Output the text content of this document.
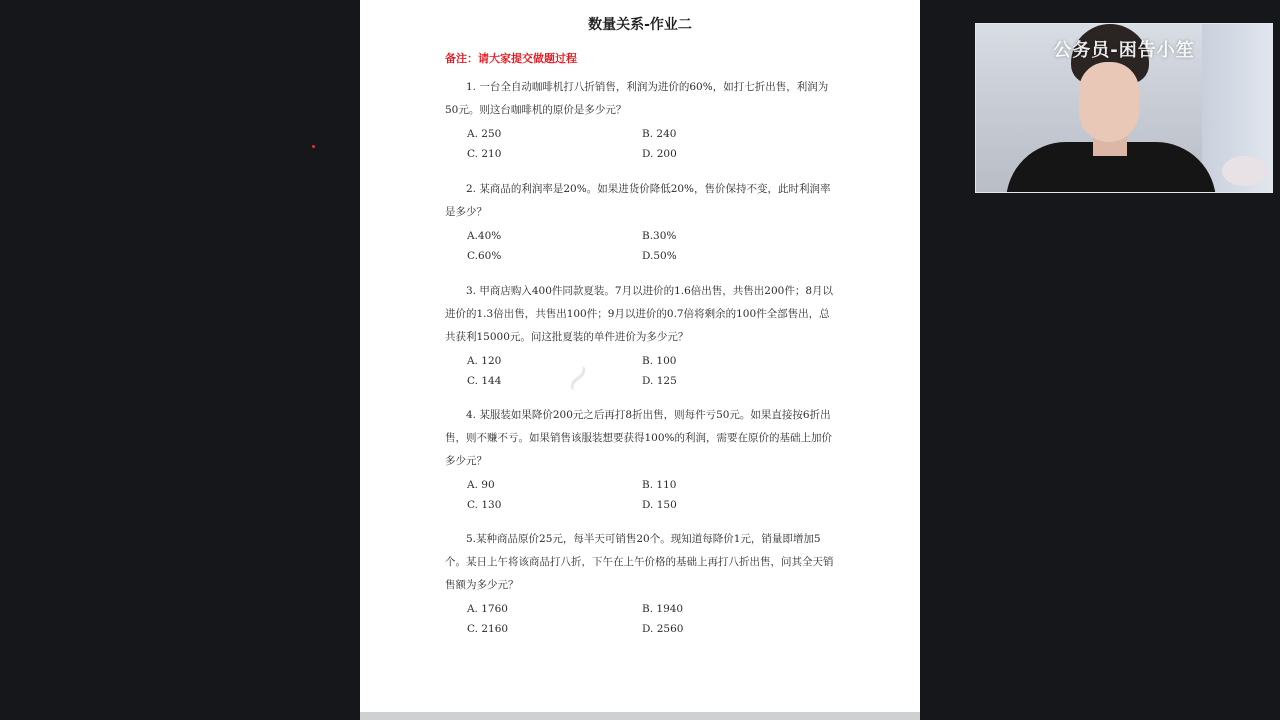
~
数量关系-作业二
备注：请大家提交做题过程

1. 一台全自动咖啡机打八折销售，利润为进价的60%，如打七折出售，利润为50元。则这台咖啡机的原价是多少元？

A. 250	B. 240
C. 210	D. 200

2. 某商品的利润率是20%。如果进货价降低20%，售价保持不变，此时利润率是多少？

A.40%	B.30%
C.60%	D.50%

3. 甲商店购入400件同款夏装。7月以进价的1.6倍出售，共售出200件；8月以进价的1.3倍出售，共售出100件；9月以进价的0.7倍将剩余的100件全部售出，总共获利15000元。问这批夏装的单件进价为多少元？

A. 120	B. 100
C. 144	D. 125

4. 某服装如果降价200元之后再打8折出售，则每件亏50元。如果直接按6折出售，则不赚不亏。如果销售该服装想要获得100%的利润，需要在原价的基础上加价多少元？

A. 90	B. 110
C. 130	D. 150

5.某种商品原价25元，每半天可销售20个。现知道每降价1元，销量即增加5个。某日上午将该商品打八折，下午在上午价格的基础上再打八折出售，问其全天销售额为多少元？

A. 1760	B. 1940
C. 2160	D. 2560
公务员-困告小笙
